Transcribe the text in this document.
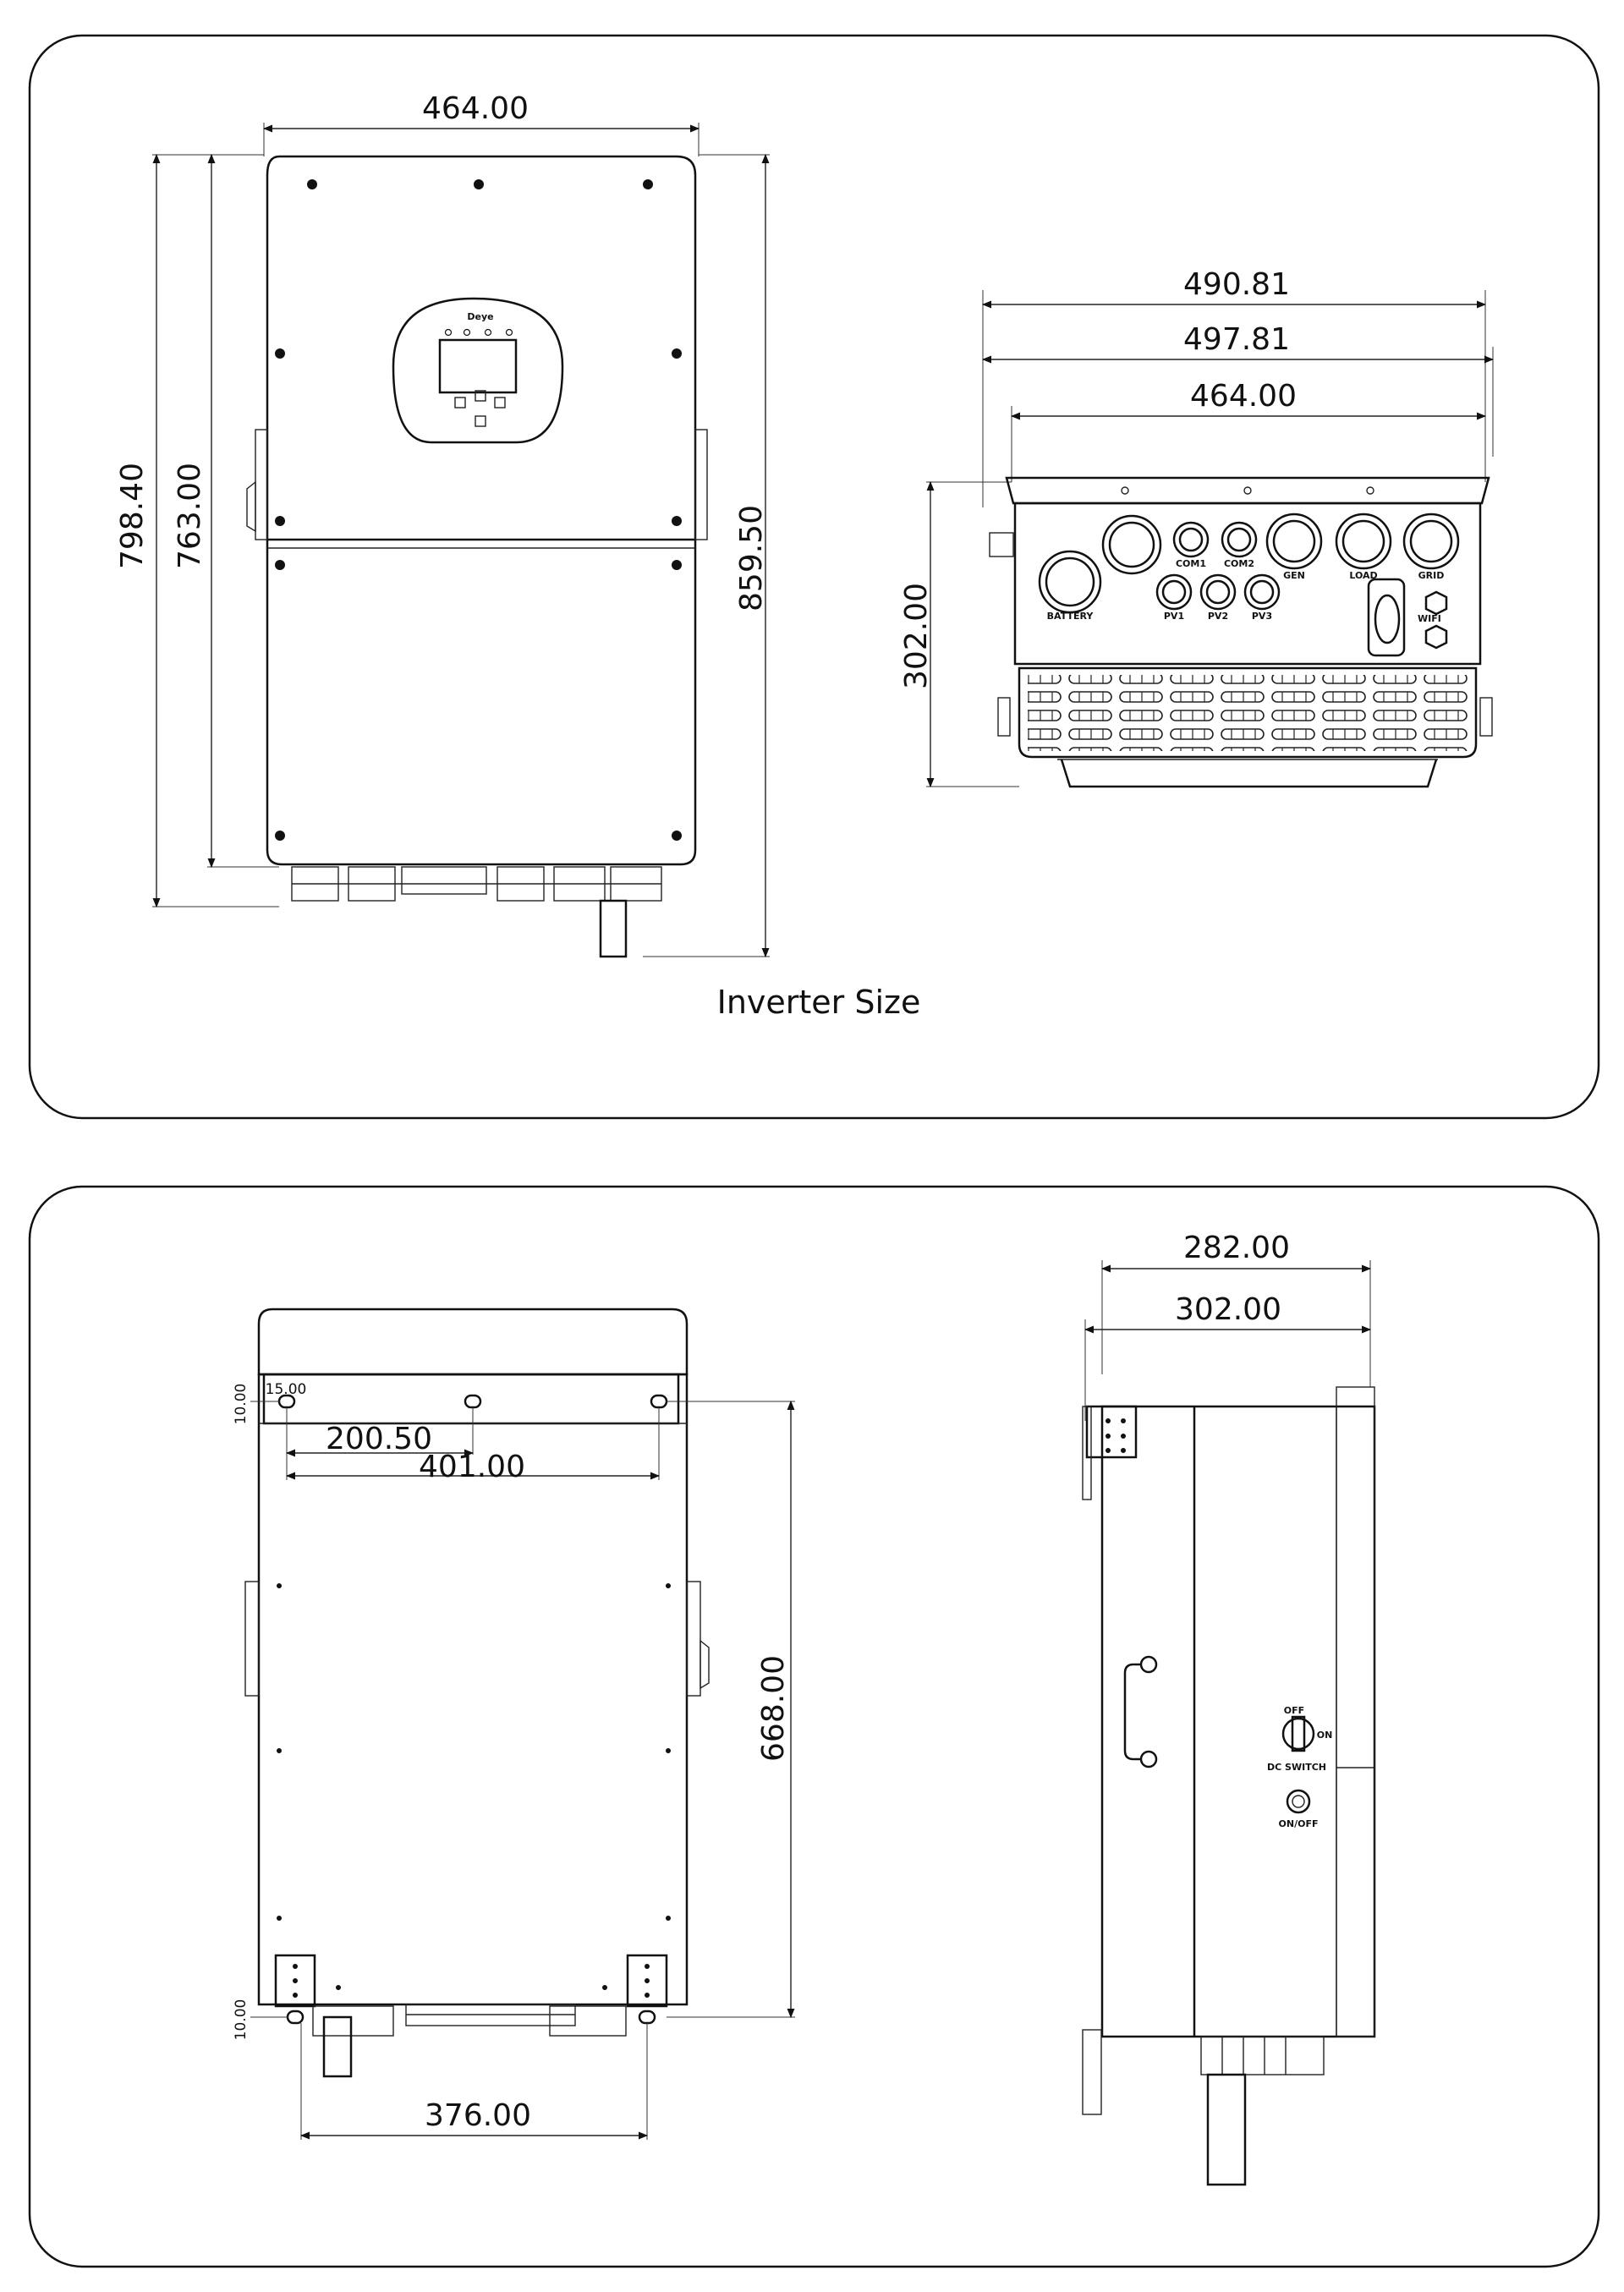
464.00
798.40 763.00	859.50
Deye
490.81
497.81
464.00
302.00	BATTERY
COM1 COM2
GEN	LOAD	GRID
PV1	PV2	PV3	WIFI
Inverter Size
15.00
10.00
200.50
401.00
668.00
10.00
376.00
282.00
302.00
OFF
ON
DC SWITCH
ON/OFF
